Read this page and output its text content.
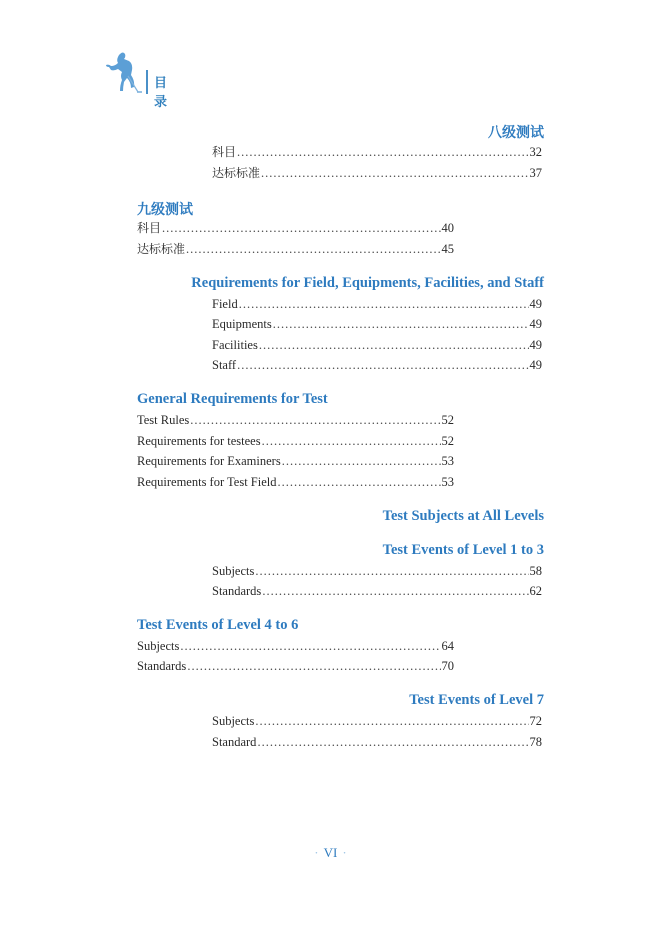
目录
八级测试
科目 .....	32
达标标准 .....	37
九级测试
科目 .....	40
达标标准 .....	45
Requirements for Field, Equipments, Facilities, and Staff
Field .....	49
Equipments .....	49
Facilities .....	49
Staff .....	49
General Requirements for Test
Test Rules .....	52
Requirements for testees .....	52
Requirements for Examiners .....	53
Requirements for Test Field .....	53
Test Subjects at All Levels
Test Events of Level 1 to 3
Subjects .....	58
Standards .....	62
Test Events of Level 4 to 6
Subjects .....	64
Standards .....	70
Test Events of Level 7
Subjects .....	72
Standard .....	78
· VI ·
